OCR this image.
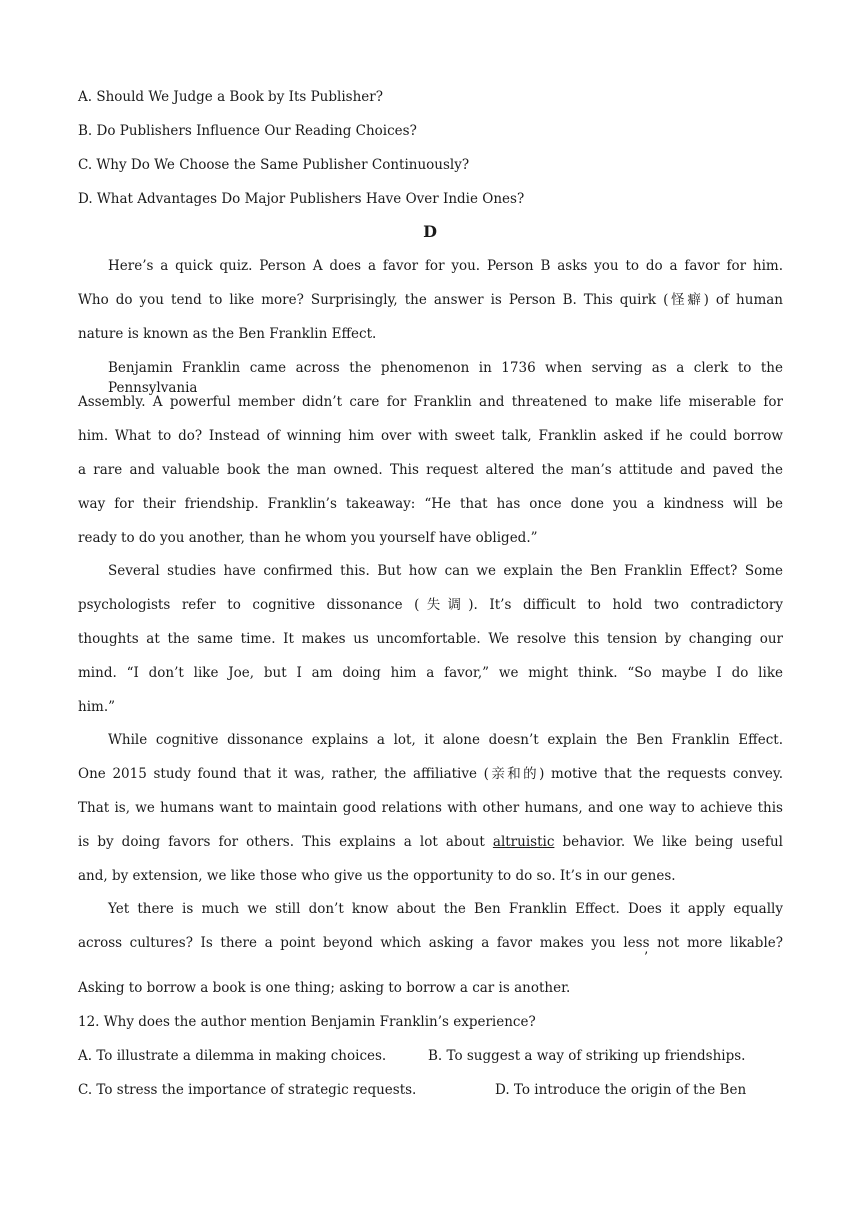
A. Should We Judge a Book by Its Publisher?
B. Do Publishers Influence Our Reading Choices?
C. Why Do We Choose the Same Publisher Continuously?
D. What Advantages Do Major Publishers Have Over Indie Ones?
D
Here’s a quick quiz. Person A does a favor for you. Person B asks you to do a favor for him.
Who do you tend to like more? Surprisingly, the answer is Person B. This quirk (怪癖) of human
nature is known as the Ben Franklin Effect.
Benjamin Franklin came across the phenomenon in 1736 when serving as a clerk to the Pennsylvania
Assembly. A powerful member didn’t care for Franklin and threatened to make life miserable for
him. What to do? Instead of winning him over with sweet talk, Franklin asked if he could borrow
a rare and valuable book the man owned. This request altered the man’s attitude and paved the
way for their friendship. Franklin’s takeaway: “He that has once done you a kindness will be
ready to do you another, than he whom you yourself have obliged.”
Several studies have confirmed this. But how can we explain the Ben Franklin Effect? Some
psychologists refer to cognitive dissonance (失调). It’s difficult to hold two contradictory
thoughts at the same time. It makes us uncomfortable. We resolve this tension by changing our
mind. “I don’t like Joe, but I am doing him a favor,” we might think. “So maybe I do like
him.”
While cognitive dissonance explains a lot, it alone doesn’t explain the Ben Franklin Effect.
One 2015 study found that it was, rather, the affiliative (亲和的) motive that the requests convey.
That is, we humans want to maintain good relations with other humans, and one way to achieve this
is by doing favors for others. This explains a lot about altruistic behavior. We like being useful
and, by extension, we like those who give us the opportunity to do so. It’s in our genes.
Yet there is much we still don’t know about the Ben Franklin Effect. Does it apply equally
across cultures? Is there a point beyond which asking a favor makes you less not more likable?
’
Asking to borrow a book is one thing; asking to borrow a car is another.
12. Why does the author mention Benjamin Franklin’s experience?
A. To illustrate a dilemma in making choices.	B. To suggest a way of striking up friendships.
C. To stress the importance of strategic requests.	D. To introduce the origin of the Ben
